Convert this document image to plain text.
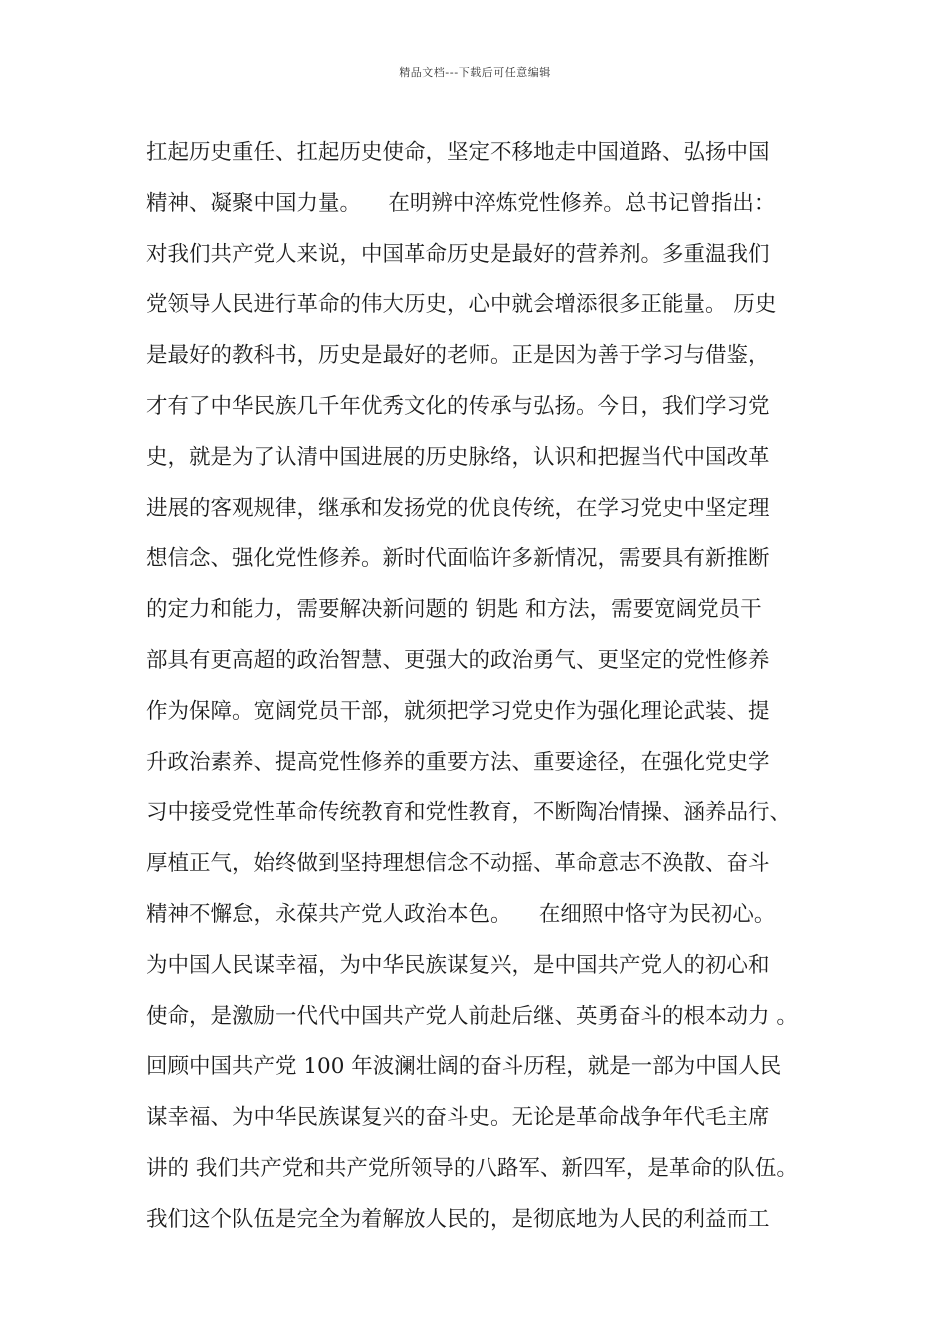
精品文档---下载后可任意编辑
扛起历史重任、扛起历史使命，坚定不移地走中国道路、弘扬中国
精神、凝聚中国力量。    在明辨中淬炼党性修养。总书记曾指出：
对我们共产党人来说，中国革命历史是最好的营养剂。多重温我们
党领导人民进行革命的伟大历史，心中就会增添很多正能量。 历史
是最好的教科书，历史是最好的老师。正是因为善于学习与借鉴，
才有了中华民族几千年优秀文化的传承与弘扬。今日，我们学习党
史，就是为了认清中国进展的历史脉络，认识和把握当代中国改革
进展的客观规律，继承和发扬党的优良传统，在学习党史中坚定理
想信念、强化党性修养。新时代面临许多新情况，需要具有新推断
的定力和能力，需要解决新问题的 钥匙 和方法，需要宽阔党员干
部具有更高超的政治智慧、更强大的政治勇气、更坚定的党性修养
作为保障。宽阔党员干部，就须把学习党史作为强化理论武装、提
升政治素养、提高党性修养的重要方法、重要途径，在强化党史学
习中接受党性革命传统教育和党性教育，不断陶冶情操、涵养品行、
厚植正气，始终做到坚持理想信念不动摇、革命意志不涣散、奋斗
精神不懈怠，永葆共产党人政治本色。    在细照中恪守为民初心。
为中国人民谋幸福，为中华民族谋复兴，是中国共产党人的初心和
使命，是激励一代代中国共产党人前赴后继、英勇奋斗的根本动力 。
回顾中国共产党 100 年波澜壮阔的奋斗历程，就是一部为中国人民
谋幸福、为中华民族谋复兴的奋斗史。无论是革命战争年代毛主席
讲的 我们共产党和共产党所领导的八路军、新四军，是革命的队伍。
我们这个队伍是完全为着解放人民的，是彻底地为人民的利益而工
